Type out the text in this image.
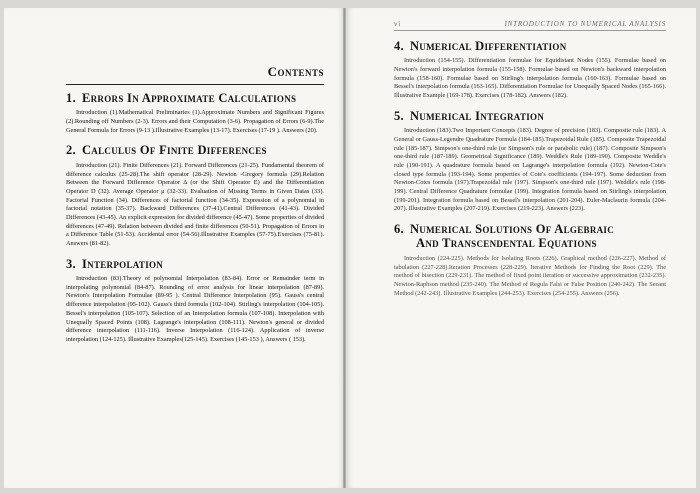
Contents
1. Errors In Approximate Calculations

Introduction (1).Mathematical Preliminaries (1).Approximate Numbers and Significant Figures (2).Rounding off Numbers (2-3). Errors and their Computation (3-6). Propagation of Errors (6-9).The General Formula for Errors (9-13 ).Illustrative Examples (13-17). Exercises (17-19 ). Answers (20).

2. Calculus Of Finite Differences

Introduction (21). Finite Differences (21). Forward Differences (21-25). Fundamental theorem of difference calculus (25-28).The shift operator (28-29). Newton -Gregory formula (29).Relation Between the Forward Difference Operator Δ (or the Shift Operator E) and the Differentiation Operator D (32). Average Operator μ (32-33). Evaluation of Missing Terms in Given Datas (33). Factorial Function (34). Differences of factorial function (34-35). Expression of a polynomial in factorial notation (35-37). Backward Differences (37-41).Central Differences (41-43). Divided Differences (43-45). An explicit expression for divided difference (45-47). Some properties of divided differences (47-49). Relation between divided and finite differences (50-51). Propagation of Errors in a Difference Table (51-53). Accidental error (54-56).Illustrative Examples (57-75).Exercises (75-81). Answers (81-82).

3. Interpolation

Introduction (83).Theory of polynomial Interpolation (83-84). Error or Remainder term in interpolating polynomial (84-87). Rounding of error analysis for linear interpolation (87-89). Newton's Interpolation Formulae (89-95 ). Central Difference Interpolation (95). Gauss's central difference interpolation (95-102). Gauss's third formula (102-104). Stirling's interpolation (104-105). Bessel's interpolation (105-107). Selection of an Interpolation formula (107-108). Interpolation with Unequally Spaced Points (108). Lagrange's interpolation (108-111). Newton's general or divided difference interpolation (111-116). Inverse Interpolation (116-124). Application of inverse interpolation (124-125). Illustrative Examples(125-145). Exercises (145-153 ), Answers ( 153).

vi	INTRODUCTION TO NUMERICAL ANALYSIS
4. Numerical Differentiation

Introduction (154-155). Differentiation formulae for Equidistant Nodes (155). Formulae based on Newton's forward interpolation formula (155-158). Formulae based on Newton's backward interpolation formula (158-160). Formulae based on Stirling's interpolation formula (160-163). Formulae based on Bessel's interpolation formula (163-165). Differentiation Formulae for Unequally Spaced Nodes (165-166). Illustrative Example (169-178). Exercises (178-182). Answers (182).

5. Numerical Integration

Introduction (183).Two Important Concepts (183). Degree of precision (183). Composite rule (183). A General or Gauss-Legendre Quadrature Formula (184-185).Trapezoidal Rule (185). Composite Trapezoidal rule (185-187). Simpson's one-third rule (or Simpson's rule or parabolic rule) (187). Composite Simpson's one-third rule (187-189). Geometrical Significance (189). Weddle's Rule (189-190). Composite Weddle's rule (190-191). A quadrature formula based on Lagrange's interpolation formula (192). Newton-Cote's closed type formula (193-194). Some properties of Cote's coefficients (194-197). Some deduction from Newton-Cotes formula (197).Trapezoidal rule (197). Simpson's one-third rule (197). Weddle's rule (198-199). Central Difference Quadrature formulae (199). Integration formula based on Stirling's interpolation (199-201). Integration formula based on Bessel's interpolation (201-204). Euler-Maclaurin formula (204-207). Illustrative Examples (207-219). Exercises (219-223). Answers (223).

6. Numerical Solutions Of Algebraic
And Transcendental Equations

Introduction (224-225). Methods for Isolating Roots (226). Graphical method (226-227). Method of tabulation (227-228).Iteration Processes (228-229). Iterative Methods for Finding the Root (229). The method of bisection (229-231). The method of fixed point iteration or successive approximation (232-235). Newton-Raphson method (235-240). The Method of Regula Falsi or False Position (240-242). The Secant Method (242-243). Illustrative Examples (244-253). Exercises (254-255). Answers (256).
